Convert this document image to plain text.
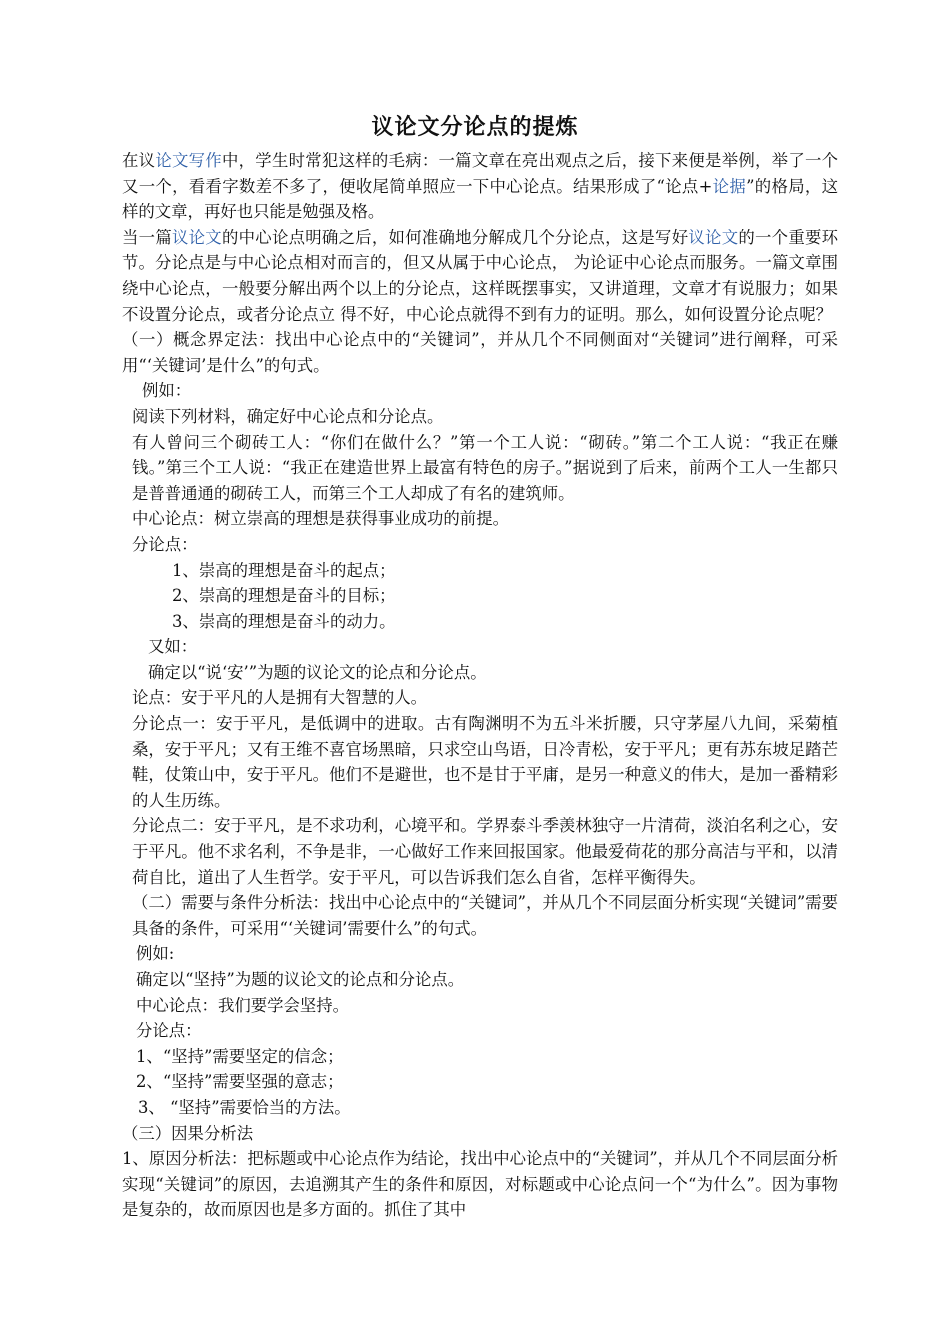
议论文分论点的提炼

在议论文写作中，学生时常犯这样的毛病：一篇文章在亮出观点之后，接下来便是举例，举了一个又一个，看看字数差不多了，便收尾简单照应一下中心论点。结果形成了“论点+论据”的格局，这样的文章，再好也只能是勉强及格。

当一篇议论文的中心论点明确之后，如何准确地分解成几个分论点，这是写好议论文的一个重要环节。分论点是与中心论点相对而言的，但又从属于中心论点， 为论证中心论点而服务。一篇文章围绕中心论点，一般要分解出两个以上的分论点，这样既摆事实，又讲道理，文章才有说服力；如果不设置分论点，或者分论点立 得不好，中心论点就得不到有力的证明。那么，如何设置分论点呢？

（一）概念界定法：找出中心论点中的“关键词”，并从几个不同侧面对“关键词”进行阐释，可采用“‘关键词’是什么”的句式。

例如：

阅读下列材料，确定好中心论点和分论点。

有人曾问三个砌砖工人：“你们在做什么？”第一个工人说：“砌砖。”第二个工人说：“我正在赚钱。”第三个工人说：“我正在建造世界上最富有特色的房子。”据说到了后来，前两个工人一生都只是普普通通的砌砖工人，而第三个工人却成了有名的建筑师。

中心论点：树立崇高的理想是获得事业成功的前提。

分论点：

1、崇高的理想是奋斗的起点；

2、崇高的理想是奋斗的目标；

3、崇高的理想是奋斗的动力。

又如：

确定以“说‘安’”为题的议论文的论点和分论点。

论点：安于平凡的人是拥有大智慧的人。

分论点一：安于平凡，是低调中的进取。古有陶渊明不为五斗米折腰，只守茅屋八九间，采菊植桑，安于平凡；又有王维不喜官场黑暗，只求空山鸟语，日冷青松，安于平凡；更有苏东坡足踏芒鞋，仗策山中，安于平凡。他们不是避世，也不是甘于平庸，是另一种意义的伟大，是加一番精彩的人生历练。

分论点二：安于平凡，是不求功利，心境平和。学界泰斗季羡林独守一片清荷，淡泊名利之心，安于平凡。他不求名利，不争是非，一心做好工作来回报国家。他最爱荷花的那分高洁与平和，以清荷自比，道出了人生哲学。安于平凡，可以告诉我们怎么自省，怎样平衡得失。

（二）需要与条件分析法：找出中心论点中的“关键词”，并从几个不同层面分析实现“关键词”需要具备的条件，可采用“‘关键词’需要什么”的句式。

例如:

确定以“坚持”为题的议论文的论点和分论点。

中心论点：我们要学会坚持。

分论点：

1、“坚持”需要坚定的信念；

2、“坚持”需要坚强的意志；

3、 “坚持”需要恰当的方法。

（三）因果分析法

1、原因分析法：把标题或中心论点作为结论，找出中心论点中的“关键词”，并从几个不同层面分析实现“关键词”的原因，去追溯其产生的条件和原因，对标题或中心论点问一个“为什么”。因为事物是复杂的，故而原因也是多方面的。抓住了其中
